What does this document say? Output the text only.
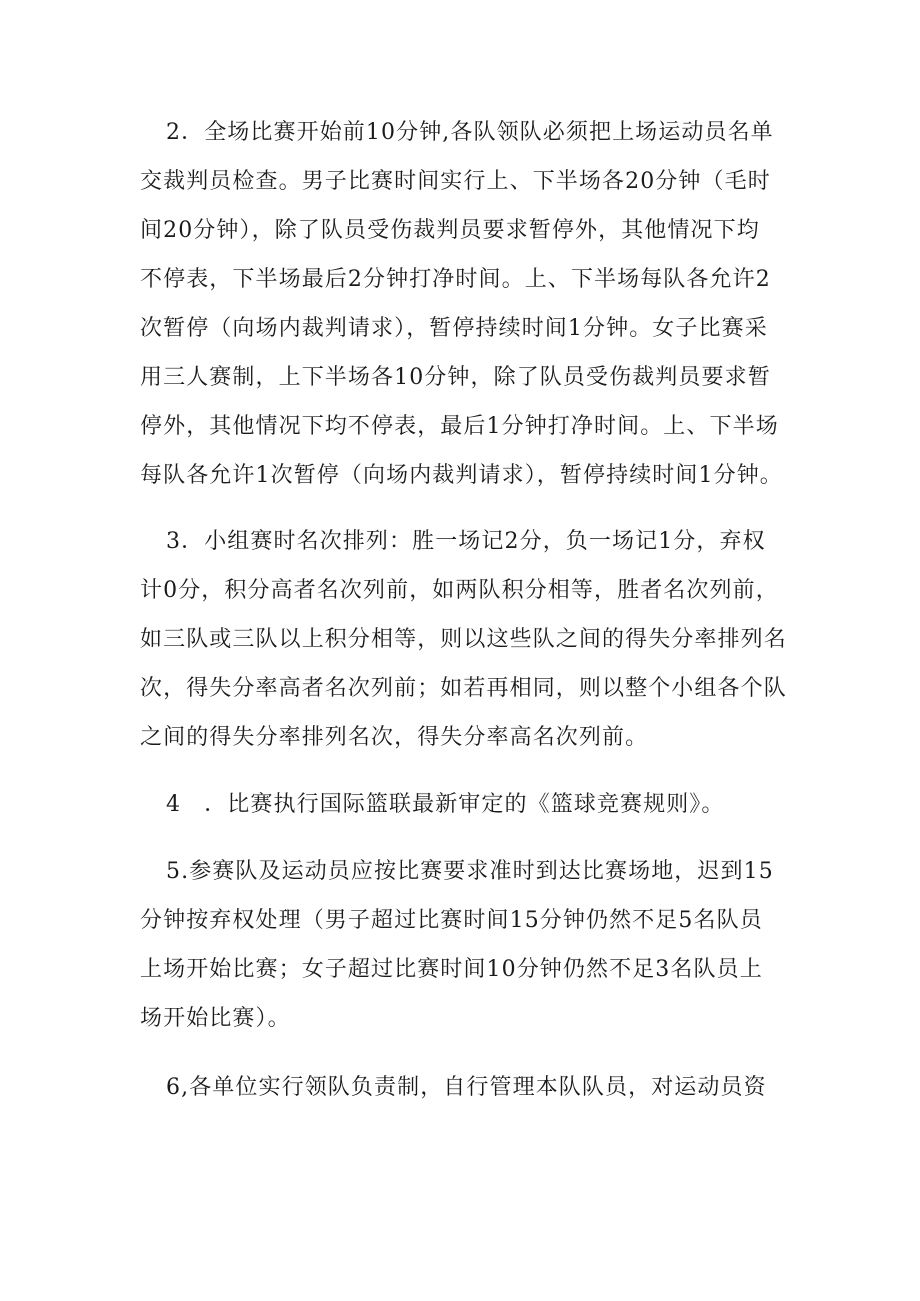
2．全场比赛开始前10分钟,各队领队必须把上场运动员名单
交裁判员检查。男子比赛时间实行上、下半场各20分钟（毛时
间20分钟），除了队员受伤裁判员要求暂停外，其他情况下均
不停表，下半场最后2分钟打净时间。上、下半场每队各允许2
次暂停（向场内裁判请求），暂停持续时间1分钟。女子比赛采
用三人赛制，上下半场各10分钟，除了队员受伤裁判员要求暂
停外，其他情况下均不停表，最后1分钟打净时间。上、下半场
每队各允许1次暂停（向场内裁判请求），暂停持续时间1分钟。
3．小组赛时名次排列：胜一场记2分，负一场记1分，弃权
计0分，积分高者名次列前，如两队积分相等，胜者名次列前，
如三队或三队以上积分相等，则以这些队之间的得失分率排列名
次，得失分率高者名次列前；如若再相同，则以整个小组各个队
之间的得失分率排列名次，得失分率高名次列前。
4　．比赛执行国际篮联最新审定的《篮球竞赛规则》。
5.参赛队及运动员应按比赛要求准时到达比赛场地，迟到15
分钟按弃权处理（男子超过比赛时间15分钟仍然不足5名队员
上场开始比赛；女子超过比赛时间10分钟仍然不足3名队员上
场开始比赛）。
6,各单位实行领队负责制，自行管理本队队员，对运动员资
